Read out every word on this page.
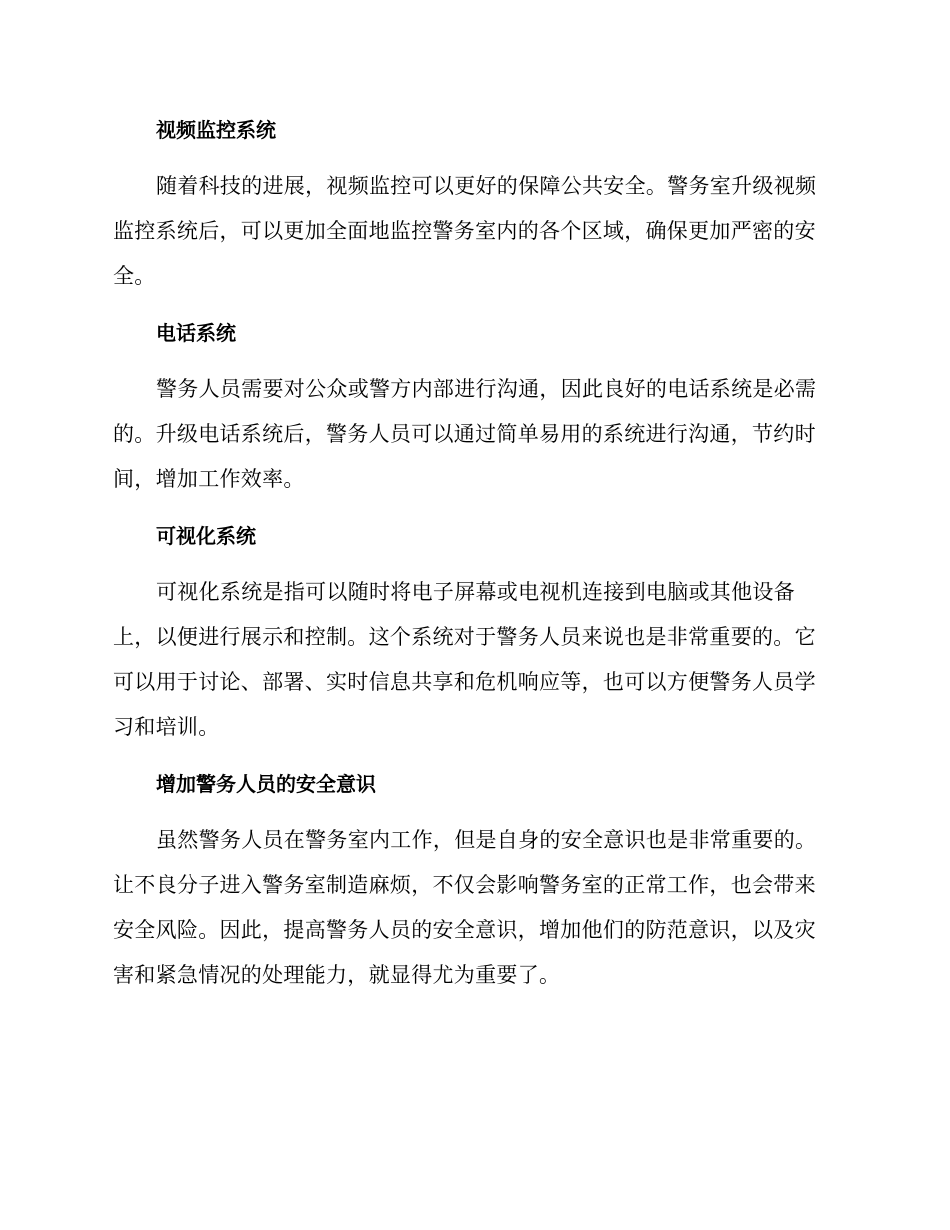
视频监控系统

随着科技的进展，视频监控可以更好的保障公共安全。警务室升级视频监控系统后，可以更加全面地监控警务室内的各个区域，确保更加严密的安全。

电话系统

警务人员需要对公众或警方内部进行沟通，因此良好的电话系统是必需的。升级电话系统后，警务人员可以通过简单易用的系统进行沟通，节约时间，增加工作效率。

可视化系统

可视化系统是指可以随时将电子屏幕或电视机连接到电脑或其他设备上，以便进行展示和控制。这个系统对于警务人员来说也是非常重要的。它可以用于讨论、部署、实时信息共享和危机响应等，也可以方便警务人员学习和培训。

增加警务人员的安全意识

虽然警务人员在警务室内工作，但是自身的安全意识也是非常重要的。让不良分子进入警务室制造麻烦，不仅会影响警务室的正常工作，也会带来安全风险。因此，提高警务人员的安全意识，增加他们的防范意识，以及灾害和紧急情况的处理能力，就显得尤为重要了。
